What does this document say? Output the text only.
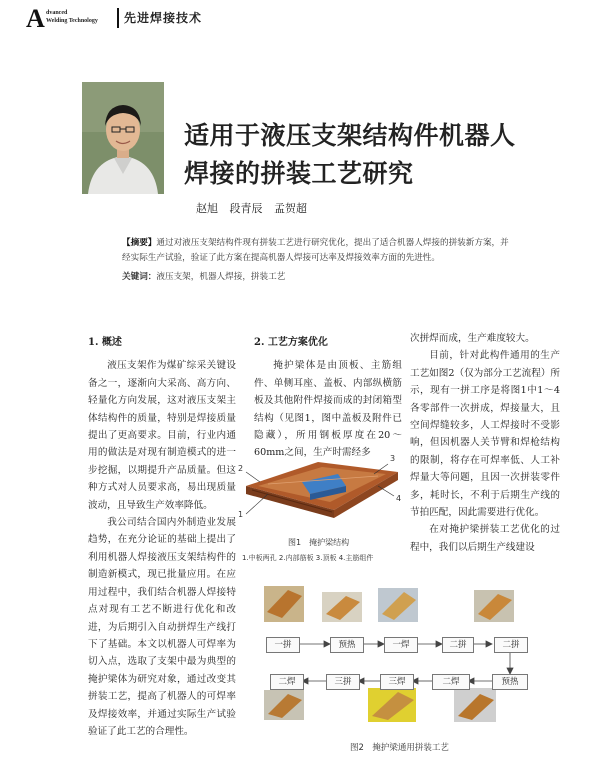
A dvanced
Welding Technology 先进焊接技术
适用于液压支架结构件机器人
焊接的拼装工艺研究
赵旭 段青辰 孟贺超
【摘要】通过对液压支架结构件现有拼装工艺进行研究优化，提出了适合机器人焊接的拼装新方案，并经实际生产试验，验证了此方案在提高机器人焊接可达率及焊接效率方面的先进性。
关键词：液压支架，机器人焊接，拼装工艺
1. 概述

液压支架作为煤矿综采关键设备之一，逐渐向大采高、高方向、轻量化方向发展，这对液压支架主体结构件的质量，特别是焊接质量提出了更高要求。目前，行业内通用的做法是对现有制造模式的进一步挖掘，以期提升产品质量。但这种方式对人员要求高，易出现质量波动，且导致生产效率降低。

我公司结合国内外制造业发展趋势，在充分论证的基础上提出了利用机器人焊接液压支架结构件的制造新模式，现已批量应用。在应用过程中，我们结合机器人焊接特点对现有工艺不断进行优化和改进，为后期引入自动拼焊生产线打下了基础。本文以机器人可焊率为切入点，选取了支架中最为典型的掩护梁体为研究对象，通过改变其拼装工艺，提高了机器人的可焊率及焊接效率，并通过实际生产试验验证了此工艺的合理性。

2. 工艺方案优化

掩护梁体是由顶板、主筋组件、单侧耳座、盖板、内部纵横筋板及其他附件焊接而成的封闭箱型结构（见图1，图中盖板及附件已隐藏），所用钢板厚度在20～60mm之间，生产时需经多

2
1
3
4
图1　掩护梁结构
1.中板两孔 2.内部筋板 3.顶板 4.主筋组件

次拼焊而成，生产难度较大。

目前，针对此构件通用的生产工艺如图2（仅为部分工艺流程）所示，现有一拼工序是将图1中1～4各零部件一次拼成，焊接量大，且空间焊缝较多，人工焊接时不受影响，但因机器人关节臂和焊枪结构的限制，将存在可焊率低、人工补焊量大等问题，且因一次拼装零件多，耗时长，不利于后期生产线的节拍匹配，因此需要进行优化。

在对掩护梁拼装工艺优化的过程中，我们以后期生产线建设

一拼	预热	一焊	二拼	二拼
二焊	三拼	三焊	二焊	预热
图2　掩护梁通用拼装工艺
